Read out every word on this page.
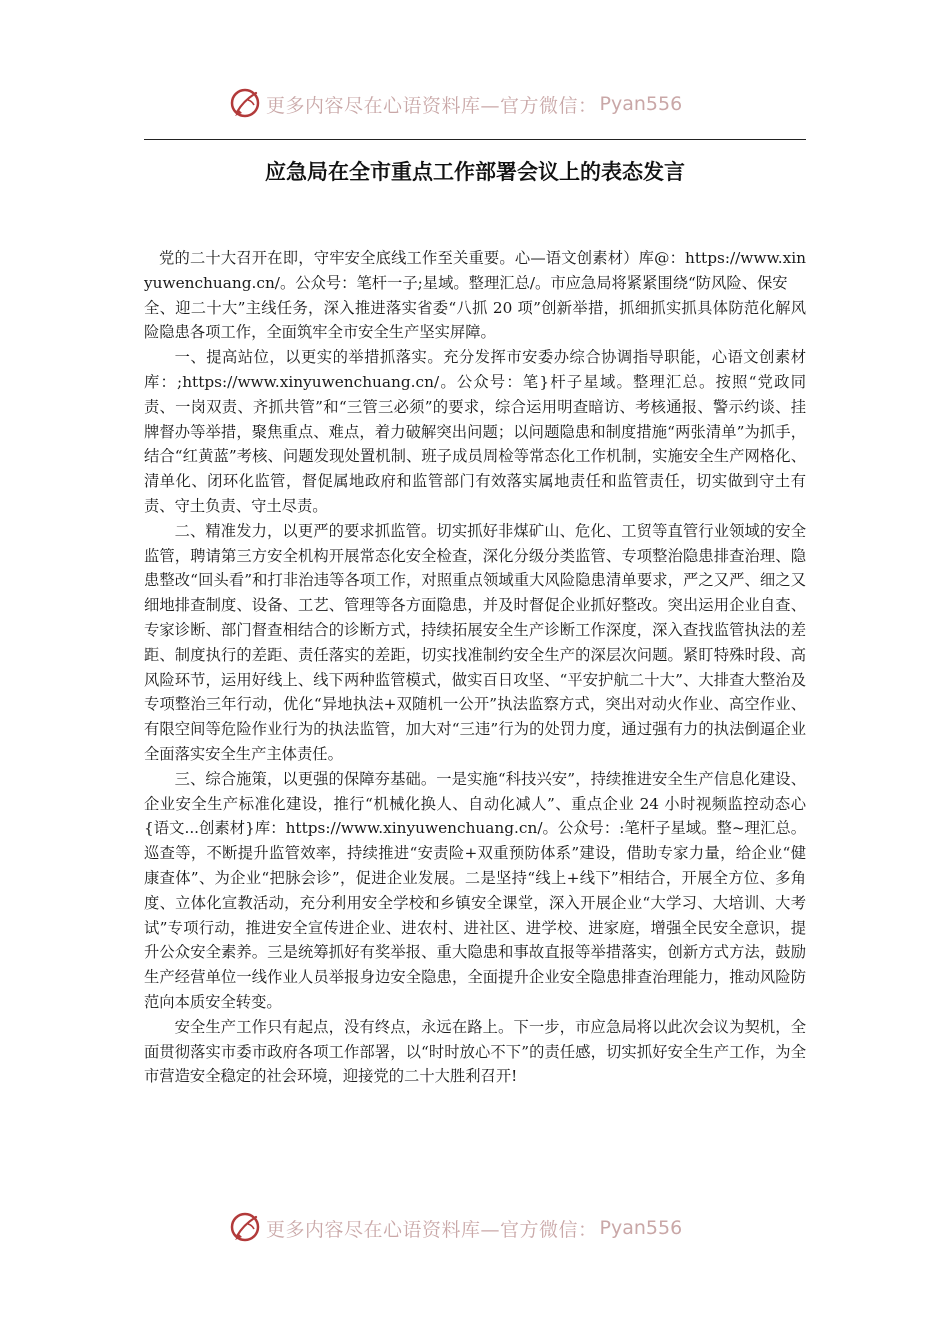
更多内容尽在心语资料库—官方微信： Pyan556
应急局在全市重点工作部署会议上的表态发言

党的二十大召开在即，守牢安全底线工作至关重要。心—语文创素材）库@：https://www.xinyuwenchuang.cn/。公众号：笔杆一子;星域。整理汇总/。市应急局将紧紧围绕“防风险、保安

全、迎二十大”主线任务，深入推进落实省委“八抓 20 项”创新举措，抓细抓实抓具体防范化解风险隐患各项工作，全面筑牢全市安全生产坚实屏障。

一、提高站位，以更实的举措抓落实。充分发挥市安委办综合协调指导职能，心语文创素材库：;https://www.xinyuwenchuang.cn/。公众号：笔}杆子星域。整理汇总。按照“党政同责、一岗双责、齐抓共管”和“三管三必须”的要求，综合运用明查暗访、考核通报、警示约谈、挂牌督办等举措，聚焦重点、难点，着力破解突出问题；以问题隐患和制度措施“两张清单”为抓手，结合“红黄蓝”考核、问题发现处置机制、班子成员周检等常态化工作机制，实施安全生产网格化、清单化、闭环化监管，督促属地政府和监管部门有效落实属地责任和监管责任，切实做到守土有责、守土负责、守土尽责。

二、精准发力，以更严的要求抓监管。切实抓好非煤矿山、危化、工贸等直管行业领域的安全监管，聘请第三方安全机构开展常态化安全检查，深化分级分类监管、专项整治隐患排查治理、隐患整改“回头看”和打非治违等各项工作，对照重点领域重大风险隐患清单要求，严之又严、细之又细地排查制度、设备、工艺、管理等各方面隐患，并及时督促企业抓好整改。突出运用企业自查、专家诊断、部门督查相结合的诊断方式，持续拓展安全生产诊断工作深度，深入查找监管执法的差距、制度执行的差距、责任落实的差距，切实找准制约安全生产的深层次问题。紧盯特殊时段、高风险环节，运用好线上、线下两种监管模式，做实百日攻坚、“平安护航二十大”、大排查大整治及专项整治三年行动，优化“异地执法+双随机一公开”执法监察方式，突出对动火作业、高空作业、有限空间等危险作业行为的执法监管，加大对“三违”行为的处罚力度，通过强有力的执法倒逼企业全面落实安全生产主体责任。

三、综合施策，以更强的保障夯基础。一是实施“科技兴安”，持续推进安全生产信息化建设、企业安全生产标准化建设，推行“机械化换人、自动化减人”、重点企业 24 小时视频监控动态心{语文...创素材}库：https://www.xinyuwenchuang.cn/。公众号：:笔杆子星域。整~理汇总。巡查等，不断提升监管效率，持续推进“安责险+双重预防体系”建设，借助专家力量，给企业“健康查体”、为企业“把脉会诊”，促进企业发展。二是坚持“线上+线下”相结合，开展全方位、多角度、立体化宣教活动，充分利用安全学校和乡镇安全课堂，深入开展企业“大学习、大培训、大考试”专项行动，推进安全宣传进企业、进农村、进社区、进学校、进家庭，增强全民安全意识，提升公众安全素养。三是统筹抓好有奖举报、重大隐患和事故直报等举措落实，创新方式方法，鼓励生产经营单位一线作业人员举报身边安全隐患，全面提升企业安全隐患排查治理能力，推动风险防范向本质安全转变。

安全生产工作只有起点，没有终点，永远在路上。下一步，市应急局将以此次会议为契机，全面贯彻落实市委市政府各项工作部署，以“时时放心不下”的责任感，切实抓好安全生产工作，为全市营造安全稳定的社会环境，迎接党的二十大胜利召开!

更多内容尽在心语资料库—官方微信： Pyan556
